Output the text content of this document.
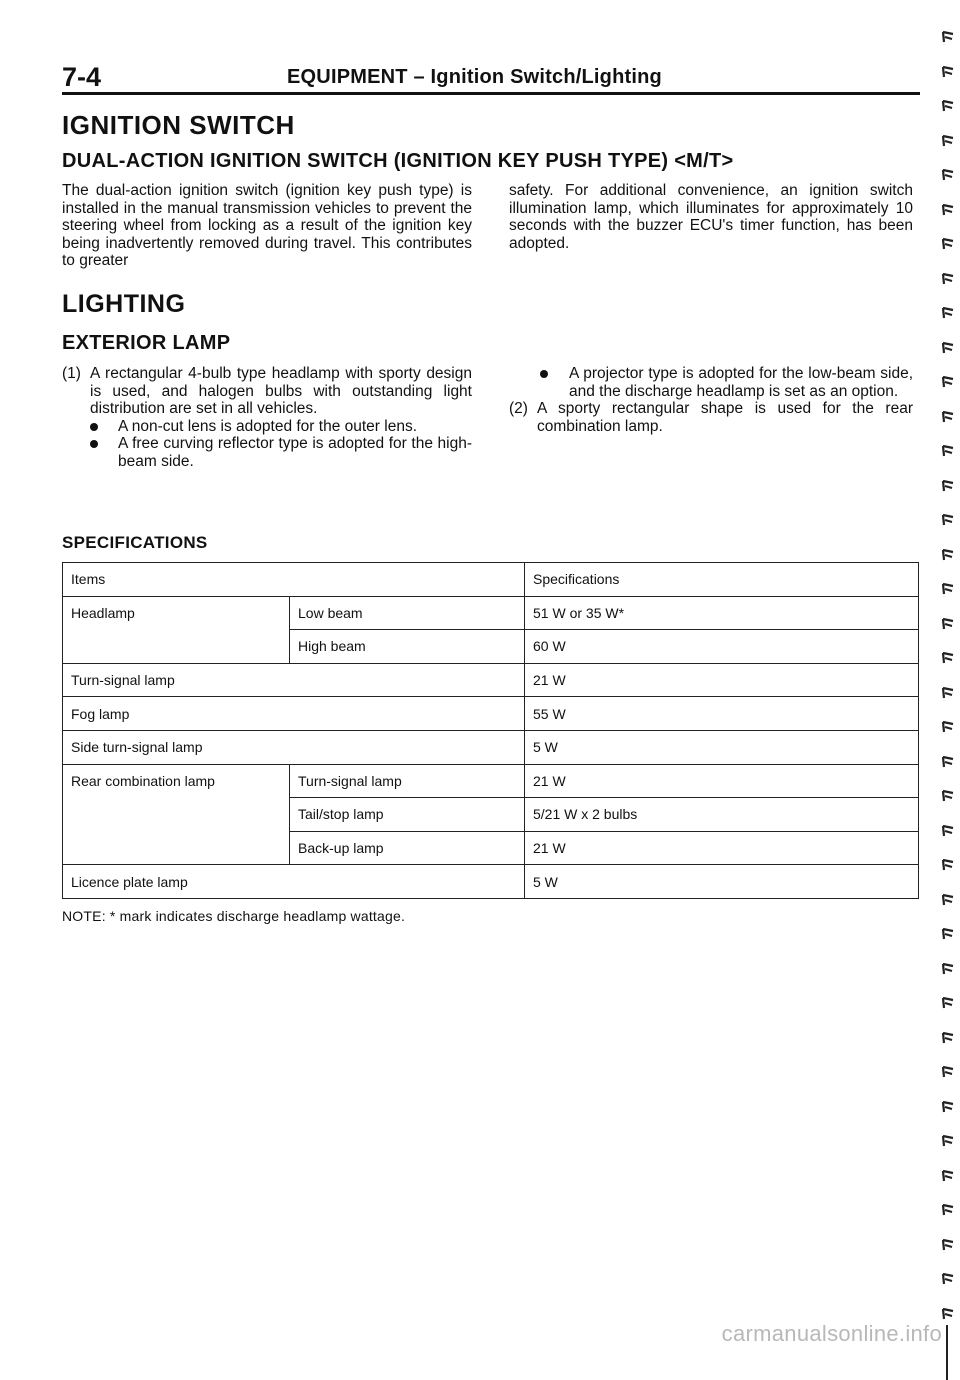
7-4	EQUIPMENT – Ignition Switch/Lighting
IGNITION SWITCH
DUAL-ACTION IGNITION SWITCH (IGNITION KEY PUSH TYPE) <M/T>

The dual-action ignition switch (ignition key push type) is installed in the manual transmission vehicles to prevent the steering wheel from locking as a result of the ignition key being inadvertently removed during travel. This contributes to greater

safety. For additional convenience, an ignition switch illumination lamp, which illuminates for approximately 10 seconds with the buzzer ECU's timer function, has been adopted.

LIGHTING
EXTERIOR LAMP
(1) A rectangular 4-bulb type headlamp with sporty design is used, and halogen bulbs with outstanding light distribution are set in all vehicles.
A non-cut lens is adopted for the outer lens.
A free curving reflector type is adopted for the high-beam side.
A projector type is adopted for the low-beam side, and the discharge headlamp is set as an option.
(2) A sporty rectangular shape is used for the rear combination lamp.
SPECIFICATIONS
Items		Specifications
Headlamp	Low beam	51 W or 35 W*
	High beam	60 W
Turn-signal lamp		21 W
Fog lamp		55 W
Side turn-signal lamp		5 W
Rear combination lamp	Turn-signal lamp	21 W
	Tail/stop lamp	5/21 W x 2 bulbs
	Back-up lamp	21 W
Licence plate lamp		5 W
NOTE: * mark indicates discharge headlamp wattage.
carmanualsonline.info
